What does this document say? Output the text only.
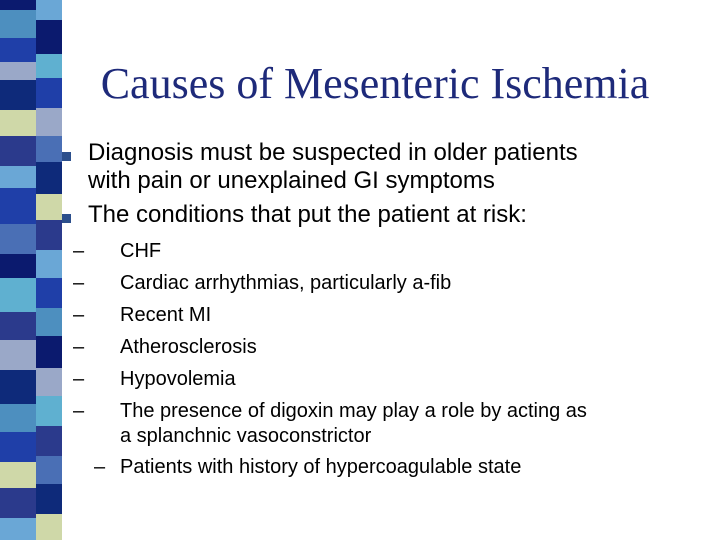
Causes of Mesenteric Ischemia
Diagnosis must be suspected in older patients
with pain or unexplained GI symptoms
The conditions that put the patient at risk:
–	CHF
–	Cardiac arrhythmias, particularly a-fib
–	Recent MI
–	Atherosclerosis
–	Hypovolemia
–	The presence of digoxin may play a role by acting as
a splanchnic vasoconstrictor
– Patients with history of hypercoagulable state
